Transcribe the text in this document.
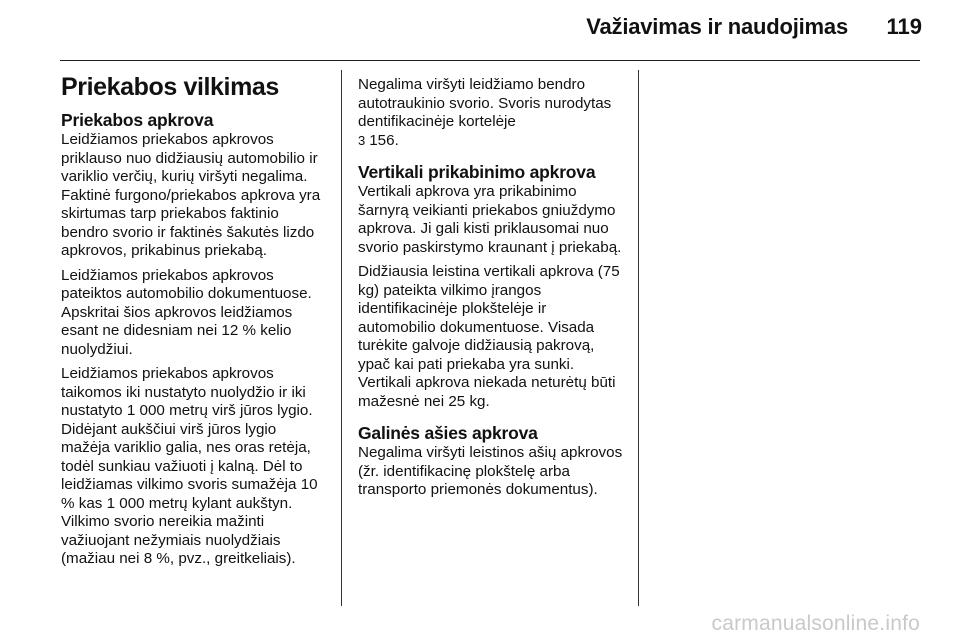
Važiavimas ir naudojimas 119
Priekabos vilkimas
Priekabos apkrova

Leidžiamos priekabos apkrovos priklauso nuo didžiausių automobilio ir variklio verčių, kurių viršyti negalima. Faktinė furgono/priekabos apkrova yra skirtumas tarp priekabos faktinio bendro svorio ir faktinės šakutės lizdo apkrovos, prikabinus priekabą.

Leidžiamos priekabos apkrovos pateiktos automobilio dokumentuose. Apskritai šios apkrovos leidžiamos esant ne didesniam nei 12 % kelio nuolydžiui.

Leidžiamos priekabos apkrovos taikomos iki nustatyto nuolydžio ir iki nustatyto 1 000 metrų virš jūros lygio. Didėjant aukščiui virš jūros lygio mažėja variklio galia, nes oras retėja, todėl sunkiau važiuoti į kalną. Dėl to leidžiamas vilkimo svoris sumažėja 10 % kas 1 000 metrų kylant aukštyn. Vilkimo svorio nereikia mažinti važiuojant nežymiais nuolydžiais (mažiau nei 8 %, pvz., greitkeliais).

Negalima viršyti leidžiamo bendro autotraukinio svorio. Svoris nurodytas dentifikacinėje kortelėje
3 156.

Vertikali prikabinimo apkrova

Vertikali apkrova yra prikabinimo šarnyrą veikianti priekabos gniuždymo apkrova. Ji gali kisti priklausomai nuo svorio paskirstymo kraunant į priekabą.

Didžiausia leistina vertikali apkrova (75 kg) pateikta vilkimo įrangos identifikacinėje plokštelėje ir automobilio dokumentuose. Visada turėkite galvoje didžiausią pakrovą, ypač kai pati priekaba yra sunki. Vertikali apkrova niekada neturėtų būti mažesnė nei 25 kg.

Galinės ašies apkrova

Negalima viršyti leistinos ašių apkrovos (žr. identifikacinę plokštelę arba transporto priemonės dokumentus).

carmanualsonline.info
